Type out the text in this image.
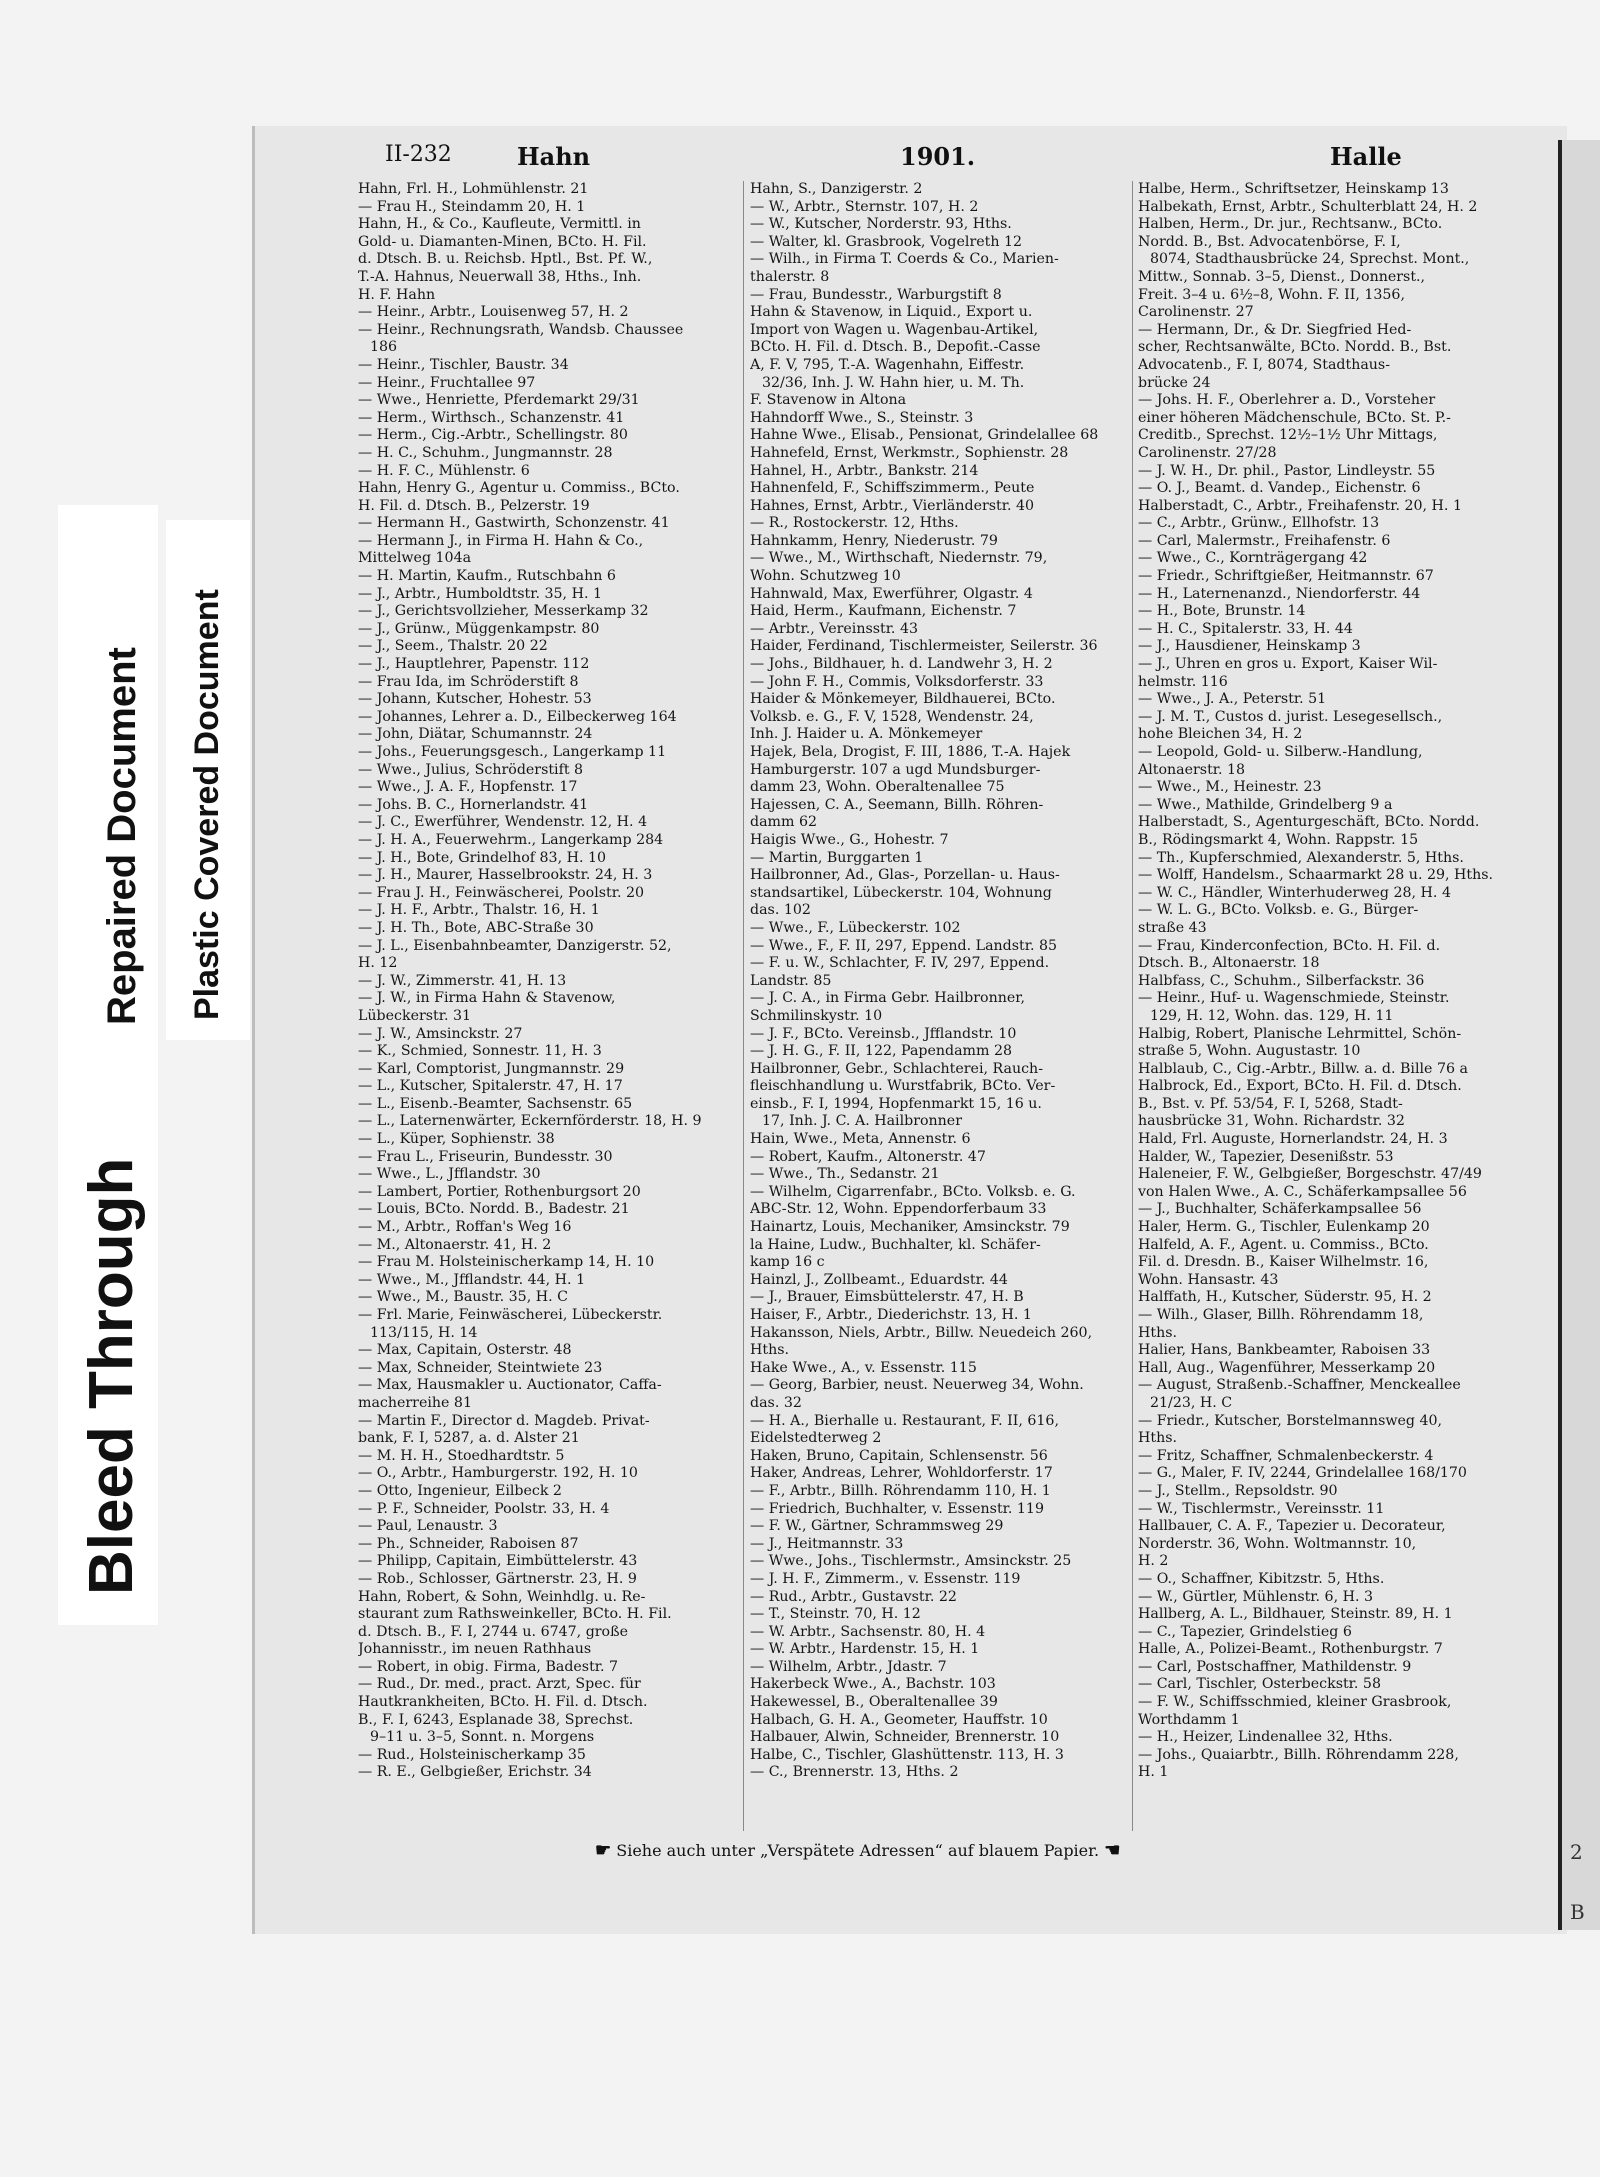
2
B
II-232	Hahn	1901.	Halle

Hahn, Frl. H., Lohmühlenstr. 21

— Frau H., Steindamm 20, H. 1

Hahn, H., & Co., Kaufleute, Vermittl. in

Gold- u. Diamanten-Minen, BCto. H. Fil.

d. Dtsch. B. u. Reichsb. Hptl., Bst. Pf. W.,

T.-A. Hahnus, Neuerwall 38, Hths., Inh.

H. F. Hahn

— Heinr., Arbtr., Louisenweg 57, H. 2

— Heinr., Rechnungsrath, Wandsb. Chaussee

186

— Heinr., Tischler, Baustr. 34

— Heinr., Fruchtallee 97

— Wwe., Henriette, Pferdemarkt 29/31

— Herm., Wirthsch., Schanzenstr. 41

— Herm., Cig.-Arbtr., Schellingstr. 80

— H. C., Schuhm., Jungmannstr. 28

— H. F. C., Mühlenstr. 6

Hahn, Henry G., Agentur u. Commiss., BCto.

H. Fil. d. Dtsch. B., Pelzerstr. 19

— Hermann H., Gastwirth, Schonzenstr. 41

— Hermann J., in Firma H. Hahn & Co.,

Mittelweg 104a

— H. Martin, Kaufm., Rutschbahn 6

— J., Arbtr., Humboldtstr. 35, H. 1

— J., Gerichtsvollzieher, Messerkamp 32

— J., Grünw., Müggenkampstr. 80

— J., Seem., Thalstr. 20 22

— J., Hauptlehrer, Papenstr. 112

— Frau Ida, im Schröderstift 8

— Johann, Kutscher, Hohestr. 53

— Johannes, Lehrer a. D., Eilbeckerweg 164

— John, Diätar, Schumannstr. 24

— Johs., Feuerungsgesch., Langerkamp 11

— Wwe., Julius, Schröderstift 8

— Wwe., J. A. F., Hopfenstr. 17

— Johs. B. C., Hornerlandstr. 41

— J. C., Ewerführer, Wendenstr. 12, H. 4

— J. H. A., Feuerwehrm., Langerkamp 284

— J. H., Bote, Grindelhof 83, H. 10

— J. H., Maurer, Hasselbrookstr. 24, H. 3

— Frau J. H., Feinwäscherei, Poolstr. 20

— J. H. F., Arbtr., Thalstr. 16, H. 1

— J. H. Th., Bote, ABC-Straße 30

— J. L., Eisenbahnbeamter, Danzigerstr. 52,

H. 12

— J. W., Zimmerstr. 41, H. 13

— J. W., in Firma Hahn & Stavenow,

Lübeckerstr. 31

— J. W., Amsinckstr. 27

— K., Schmied, Sonnestr. 11, H. 3

— Karl, Comptorist, Jungmannstr. 29

— L., Kutscher, Spitalerstr. 47, H. 17

— L., Eisenb.-Beamter, Sachsenstr. 65

— L., Laternenwärter, Eckernförderstr. 18, H. 9

— L., Küper, Sophienstr. 38

— Frau L., Friseurin, Bundesstr. 30

— Wwe., L., Jfflandstr. 30

— Lambert, Portier, Rothenburgsort 20

— Louis, BCto. Nordd. B., Badestr. 21

— M., Arbtr., Roffan's Weg 16

— M., Altonaerstr. 41, H. 2

— Frau M. Holsteinischerkamp 14, H. 10

— Wwe., M., Jfflandstr. 44, H. 1

— Wwe., M., Baustr. 35, H. C

— Frl. Marie, Feinwäscherei, Lübeckerstr.

113/115, H. 14

— Max, Capitain, Osterstr. 48

— Max, Schneider, Steintwiete 23

— Max, Hausmakler u. Auctionator, Caffa-

macherreihe 81

— Martin F., Director d. Magdeb. Privat-

bank, F. I, 5287, a. d. Alster 21

— M. H. H., Stoedhardtstr. 5

— O., Arbtr., Hamburgerstr. 192, H. 10

— Otto, Ingenieur, Eilbeck 2

— P. F., Schneider, Poolstr. 33, H. 4

— Paul, Lenaustr. 3

— Ph., Schneider, Raboisen 87

— Philipp, Capitain, Eimbüttelerstr. 43

— Rob., Schlosser, Gärtnerstr. 23, H. 9

Hahn, Robert, & Sohn, Weinhdlg. u. Re-

staurant zum Rathsweinkeller, BCto. H. Fil.

d. Dtsch. B., F. I, 2744 u. 6747, große

Johannisstr., im neuen Rathhaus

— Robert, in obig. Firma, Badestr. 7

— Rud., Dr. med., pract. Arzt, Spec. für

Hautkrankheiten, BCto. H. Fil. d. Dtsch.

B., F. I, 6243, Esplanade 38, Sprechst.

9–11 u. 3–5, Sonnt. n. Morgens

— Rud., Holsteinischerkamp 35

— R. E., Gelbgießer, Erichstr. 34

Hahn, S., Danzigerstr. 2

— W., Arbtr., Sternstr. 107, H. 2

— W., Kutscher, Norderstr. 93, Hths.

— Walter, kl. Grasbrook, Vogelreth 12

— Wilh., in Firma T. Coerds & Co., Marien-

thalerstr. 8

— Frau, Bundesstr., Warburgstift 8

Hahn & Stavenow, in Liquid., Export u.

Import von Wagen u. Wagenbau-Artikel,

BCto. H. Fil. d. Dtsch. B., Depofit.-Casse

A, F. V, 795, T.-A. Wagenhahn, Eiffestr.

32/36, Inh. J. W. Hahn hier, u. M. Th.

F. Stavenow in Altona

Hahndorff Wwe., S., Steinstr. 3

Hahne Wwe., Elisab., Pensionat, Grindelallee 68

Hahnefeld, Ernst, Werkmstr., Sophienstr. 28

Hahnel, H., Arbtr., Bankstr. 214

Hahnenfeld, F., Schiffszimmerm., Peute

Hahnes, Ernst, Arbtr., Vierländerstr. 40

— R., Rostockerstr. 12, Hths.

Hahnkamm, Henry, Niederustr. 79

— Wwe., M., Wirthschaft, Niedernstr. 79,

Wohn. Schutzweg 10

Hahnwald, Max, Ewerführer, Olgastr. 4

Haid, Herm., Kaufmann, Eichenstr. 7

— Arbtr., Vereinsstr. 43

Haider, Ferdinand, Tischlermeister, Seilerstr. 36

— Johs., Bildhauer, h. d. Landwehr 3, H. 2

— John F. H., Commis, Volksdorferstr. 33

Haider & Mönkemeyer, Bildhauerei, BCto.

Volksb. e. G., F. V, 1528, Wendenstr. 24,

Inh. J. Haider u. A. Mönkemeyer

Hajek, Bela, Drogist, F. III, 1886, T.-A. Hajek

Hamburgerstr. 107 a ugd Mundsburger-

damm 23, Wohn. Oberaltenallee 75

Hajessen, C. A., Seemann, Billh. Röhren-

damm 62

Haigis Wwe., G., Hohestr. 7

— Martin, Burggarten 1

Hailbronner, Ad., Glas-, Porzellan- u. Haus-

standsartikel, Lübeckerstr. 104, Wohnung

das. 102

— Wwe., F., Lübeckerstr. 102

— Wwe., F., F. II, 297, Eppend. Landstr. 85

— F. u. W., Schlachter, F. IV, 297, Eppend.

Landstr. 85

— J. C. A., in Firma Gebr. Hailbronner,

Schmilinskystr. 10

— J. F., BCto. Vereinsb., Jfflandstr. 10

— J. H. G., F. II, 122, Papendamm 28

Hailbronner, Gebr., Schlachterei, Rauch-

fleischhandlung u. Wurstfabrik, BCto. Ver-

einsb., F. I, 1994, Hopfenmarkt 15, 16 u.

17, Inh. J. C. A. Hailbronner

Hain, Wwe., Meta, Annenstr. 6

— Robert, Kaufm., Altonerstr. 47

— Wwe., Th., Sedanstr. 21

— Wilhelm, Cigarrenfabr., BCto. Volksb. e. G.

ABC-Str. 12, Wohn. Eppendorferbaum 33

Hainartz, Louis, Mechaniker, Amsinckstr. 79

la Haine, Ludw., Buchhalter, kl. Schäfer-

kamp 16 c

Hainzl, J., Zollbeamt., Eduardstr. 44

— J., Brauer, Eimsbüttelerstr. 47, H. B

Haiser, F., Arbtr., Diederichstr. 13, H. 1

Hakansson, Niels, Arbtr., Billw. Neuedeich 260,

Hths.

Hake Wwe., A., v. Essenstr. 115

— Georg, Barbier, neust. Neuerweg 34, Wohn.

das. 32

— H. A., Bierhalle u. Restaurant, F. II, 616,

Eidelstedterweg 2

Haken, Bruno, Capitain, Schlensenstr. 56

Haker, Andreas, Lehrer, Wohldorferstr. 17

— F., Arbtr., Billh. Röhrendamm 110, H. 1

— Friedrich, Buchhalter, v. Essenstr. 119

— F. W., Gärtner, Schrammsweg 29

— J., Heitmannstr. 33

— Wwe., Johs., Tischlermstr., Amsinckstr. 25

— J. H. F., Zimmerm., v. Essenstr. 119

— Rud., Arbtr., Gustavstr. 22

— T., Steinstr. 70, H. 12

— W. Arbtr., Sachsenstr. 80, H. 4

— W. Arbtr., Hardenstr. 15, H. 1

— Wilhelm, Arbtr., Jdastr. 7

Hakerbeck Wwe., A., Bachstr. 103

Hakewessel, B., Oberaltenallee 39

Halbach, G. H. A., Geometer, Hauffstr. 10

Halbauer, Alwin, Schneider, Brennerstr. 10

Halbe, C., Tischler, Glashüttenstr. 113, H. 3

— C., Brennerstr. 13, Hths. 2

Halbe, Herm., Schriftsetzer, Heinskamp 13

Halbekath, Ernst, Arbtr., Schulterblatt 24, H. 2

Halben, Herm., Dr. jur., Rechtsanw., BCto.

Nordd. B., Bst. Advocatenbörse, F. I,

8074, Stadthausbrücke 24, Sprechst. Mont.,

Mittw., Sonnab. 3–5, Dienst., Donnerst.,

Freit. 3–4 u. 6½–8, Wohn. F. II, 1356,

Carolinenstr. 27

— Hermann, Dr., & Dr. Siegfried Hed-

scher, Rechtsanwälte, BCto. Nordd. B., Bst.

Advocatenb., F. I, 8074, Stadthaus-

brücke 24

— Johs. H. F., Oberlehrer a. D., Vorsteher

einer höheren Mädchenschule, BCto. St. P.-

Creditb., Sprechst. 12½–1½ Uhr Mittags,

Carolinenstr. 27/28

— J. W. H., Dr. phil., Pastor, Lindleystr. 55

— O. J., Beamt. d. Vandep., Eichenstr. 6

Halberstadt, C., Arbtr., Freihafenstr. 20, H. 1

— C., Arbtr., Grünw., Ellhofstr. 13

— Carl, Malermstr., Freihafenstr. 6

— Wwe., C., Kornträgergang 42

— Friedr., Schriftgießer, Heitmannstr. 67

— H., Laternenanzd., Niendorferstr. 44

— H., Bote, Brunstr. 14

— H. C., Spitalerstr. 33, H. 44

— J., Hausdiener, Heinskamp 3

— J., Uhren en gros u. Export, Kaiser Wil-

helmstr. 116

— Wwe., J. A., Peterstr. 51

— J. M. T., Custos d. jurist. Lesegesellsch.,

hohe Bleichen 34, H. 2

— Leopold, Gold- u. Silberw.-Handlung,

Altonaerstr. 18

— Wwe., M., Heinestr. 23

— Wwe., Mathilde, Grindelberg 9 a

Halberstadt, S., Agenturgeschäft, BCto. Nordd.

B., Rödingsmarkt 4, Wohn. Rappstr. 15

— Th., Kupferschmied, Alexanderstr. 5, Hths.

— Wolff, Handelsm., Schaarmarkt 28 u. 29, Hths.

— W. C., Händler, Winterhuderweg 28, H. 4

— W. L. G., BCto. Volksb. e. G., Bürger-

straße 43

— Frau, Kinderconfection, BCto. H. Fil. d.

Dtsch. B., Altonaerstr. 18

Halbfass, C., Schuhm., Silberfackstr. 36

— Heinr., Huf- u. Wagenschmiede, Steinstr.

129, H. 12, Wohn. das. 129, H. 11

Halbig, Robert, Planische Lehrmittel, Schön-

straße 5, Wohn. Augustastr. 10

Halblaub, C., Cig.-Arbtr., Billw. a. d. Bille 76 a

Halbrock, Ed., Export, BCto. H. Fil. d. Dtsch.

B., Bst. v. Pf. 53/54, F. I, 5268, Stadt-

hausbrücke 31, Wohn. Richardstr. 32

Hald, Frl. Auguste, Hornerlandstr. 24, H. 3

Halder, W., Tapezier, Desenißstr. 53

Haleneier, F. W., Gelbgießer, Borgeschstr. 47/49

von Halen Wwe., A. C., Schäferkampsallee 56

— J., Buchhalter, Schäferkampsallee 56

Haler, Herm. G., Tischler, Eulenkamp 20

Halfeld, A. F., Agent. u. Commiss., BCto.

Fil. d. Dresdn. B., Kaiser Wilhelmstr. 16,

Wohn. Hansastr. 43

Halffath, H., Kutscher, Süderstr. 95, H. 2

— Wilh., Glaser, Billh. Röhrendamm 18,

Hths.

Halier, Hans, Bankbeamter, Raboisen 33

Hall, Aug., Wagenführer, Messerkamp 20

— August, Straßenb.-Schaffner, Menckeallee

21/23, H. C

— Friedr., Kutscher, Borstelmannsweg 40,

Hths.

— Fritz, Schaffner, Schmalenbeckerstr. 4

— G., Maler, F. IV, 2244, Grindelallee 168/170

— J., Stellm., Repsoldstr. 90

— W., Tischlermstr., Vereinsstr. 11

Hallbauer, C. A. F., Tapezier u. Decorateur,

Norderstr. 36, Wohn. Woltmannstr. 10,

H. 2

— O., Schaffner, Kibitzstr. 5, Hths.

— W., Gürtler, Mühlenstr. 6, H. 3

Hallberg, A. L., Bildhauer, Steinstr. 89, H. 1

— C., Tapezier, Grindelstieg 6

Halle, A., Polizei-Beamt., Rothenburgstr. 7

— Carl, Postschaffner, Mathildenstr. 9

— Carl, Tischler, Osterbeckstr. 58

— F. W., Schiffsschmied, kleiner Grasbrook,

Worthdamm 1

— H., Heizer, Lindenallee 32, Hths.

— Johs., Quaiarbtr., Billh. Röhrendamm 228,

H. 1

☛ Siehe auch unter „Verspätete Adressen“ auf blauem Papier. ☚
Bleed Through
Repaired Document Plastic Covered Document
